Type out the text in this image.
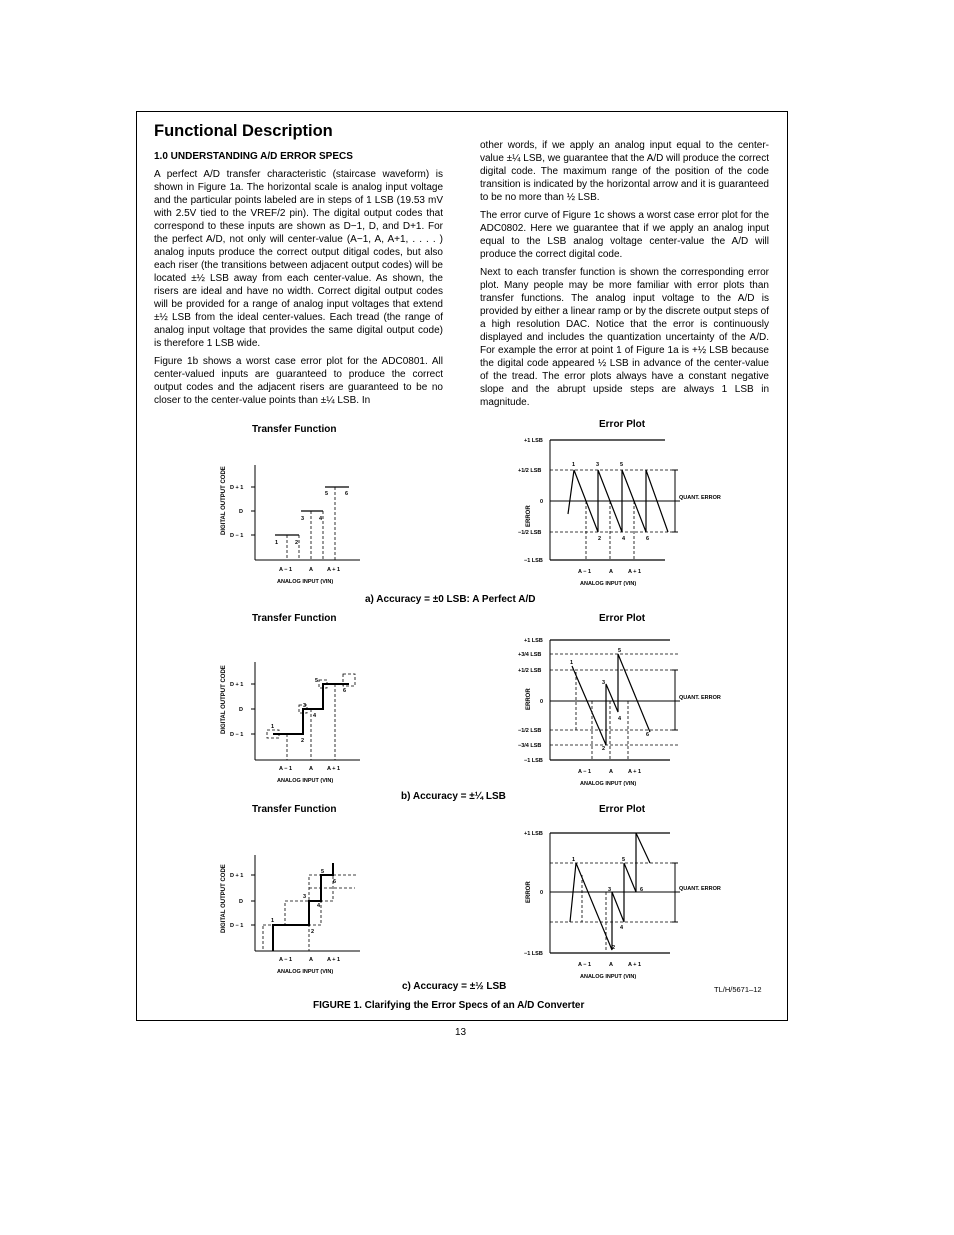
Functional Description

1.0 UNDERSTANDING A/D ERROR SPECS

A perfect A/D transfer characteristic (staircase waveform) is shown in Figure 1a. The horizontal scale is analog input voltage and the particular points labeled are in steps of 1 LSB (19.53 mV with 2.5V tied to the VREF/2 pin). The digital output codes that correspond to these inputs are shown as D−1, D, and D+1. For the perfect A/D, not only will center-value (A−1, A, A+1, . . . . ) analog inputs produce the correct output ditigal codes, but also each riser (the transitions between adjacent output codes) will be located ±½ LSB away from each center-value. As shown, the risers are ideal and have no width. Correct digital output codes will be provided for a range of analog input voltages that extend ±½ LSB from the ideal center-values. Each tread (the range of analog input voltage that provides the same digital output code) is therefore 1 LSB wide.

Figure 1b shows a worst case error plot for the ADC0801. All center-valued inputs are guaranteed to produce the correct output codes and the adjacent risers are guaranteed to be no closer to the center-value points than ±¼ LSB. In

other words, if we apply an analog input equal to the center-value ±¼ LSB, we guarantee that the A/D will produce the correct digital code. The maximum range of the position of the code transition is indicated by the horizontal arrow and it is guaranteed to be no more than ½ LSB.

The error curve of Figure 1c shows a worst case error plot for the ADC0802. Here we guarantee that if we apply an analog input equal to the LSB analog voltage center-value the A/D will produce the correct digital code.

Next to each transfer function is shown the corresponding error plot. Many people may be more familiar with error plots than transfer functions. The analog input voltage to the A/D is provided by either a linear ramp or by the discrete output steps of a high resolution DAC. Notice that the error is continuously displayed and includes the quantization uncertainty of the A/D. For example the error at point 1 of Figure 1a is +½ LSB because the digital code appeared ½ LSB in advance of the center-value of the tread. The error plots always have a constant negative slope and the abrupt upside steps are always 1 LSB in magnitude.

Transfer Function	Error Plot
DIGITAL OUTPUT CODE D + 1
D
D − 1
1	2
3	4
5	6
A − 1	A	A + 1
ANALOG INPUT (VIN)
ERROR
+1 LSB
+1/2 LSB
0
−1/2 LSB
−1 LSB
1	3	5
2	4	6
QUANT. ERROR
A − 1	A	A + 1
ANALOG INPUT (VIN)
a) Accuracy = ±0 LSB: A Perfect A/D
Transfer Function	Error Plot
DIGITAL OUTPUT CODE D + 1
D
D − 1
1
2
3
4
5
6
A − 1	A	A + 1
ANALOG INPUT (VIN)
ERROR
+1 LSB
+3/4 LSB
+1/2 LSB
0
−1/2 LSB
−3/4 LSB
−1 LSB
1
3
5
2
4
6
QUANT. ERROR
A − 1	A	A + 1
ANALOG INPUT (VIN)
b) Accuracy = ±¼ LSB
Transfer Function	Error Plot
DIGITAL OUTPUT CODE D + 1
D
D − 1
1
2
3
4
5
6
A − 1	A	A + 1
ANALOG INPUT (VIN)
ERROR
+1 LSB
0
−1 LSB
1
3
5
2
4
6	QUANT. ERROR
A − 1	A	A + 1
ANALOG INPUT (VIN)
c) Accuracy = ±½ LSB	TL/H/5671–12
FIGURE 1. Clarifying the Error Specs of an A/D Converter
13
